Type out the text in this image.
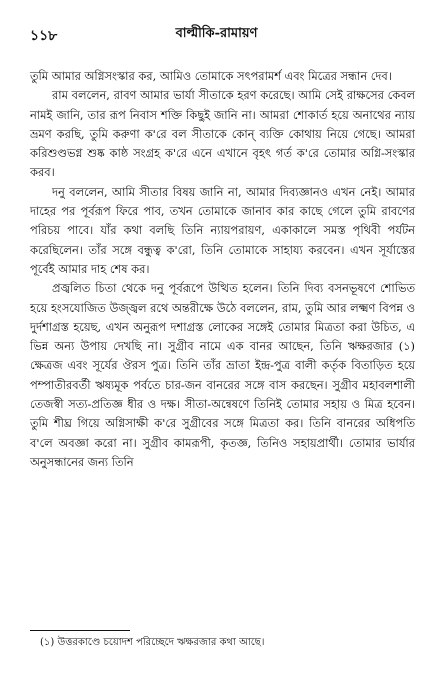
১১৮	বাল্মীকি-রামায়ণ

তুমি আমার অগ্নিসংস্কার কর, আমিও তোমাকে সৎপরামর্শ এবং মিত্রের সন্ধান দেব।

রাম বললেন, রাবণ আমার ভার্যা সীতাকে হরণ করেছে। আমি সেই রাক্ষসের কেবল নামই জানি, তার রূপ নিবাস শক্তি কিছুই জানি না। আমরা শোকার্ত হয়ে অনাথের ন্যায় ভ্রমণ করছি, তুমি করুণা ক'রে বল সীতাকে কোন্ ব্যক্তি কোথায় নিয়ে গেছে। আমরা করিশুণ্ডভগ্ন শুষ্ক কাষ্ঠ সংগ্রহ ক'রে এনে এখানে বৃহৎ গর্ত ক'রে তোমার অগ্নি-সংস্কার করব।

দনু বললেন, আমি সীতার বিষয় জানি না, আমার দিব্যজ্ঞানও এখন নেই। আমার দাহের পর পূর্বরূপ ফিরে পাব, তখন তোমাকে জানাব কার কাছে গেলে তুমি রাবণের পরিচয় পাবে। যাঁর কথা বলছি তিনি ন্যায়পরায়ণ, একাকালে সমস্ত পৃথিবী পর্যটন করেছিলেন। তাঁর সঙ্গে বন্ধুত্ব ক'রো, তিনি তোমাকে সাহায্য করবেন। এখন সূর্যাস্তের পূর্বেই আমার দাহ শেষ কর।

প্রজ্বলিত চিতা থেকে দনু পূর্বরূপে উত্থিত হলেন। তিনি দিব্য বসনভূষণে শোভিত হয়ে হংসযোজিত উজ্জ্বল রথে অন্তরীক্ষে উঠে বললেন, রাম, তুমি আর লক্ষ্মণ বিপন্ন ও দুর্দশাগ্রস্ত হয়েছ, এখন অনুরূপ দশাগ্রস্ত লোকের সঙ্গেই তোমার মিত্রতা করা উচিত, এ ভিন্ন অন্য উপায় দেখছি না। সুগ্রীব নামে এক বানর আছেন, তিনি ঋক্ষরজার (১) ক্ষেত্রজ এবং সূর্যের ঔরস পুত্র। তিনি তাঁর ভ্রাতা ইন্দ্র-পুত্র বালী কর্তৃক বিতাড়িত হয়ে পম্পাতীরবর্তী ঋষ্যমূক পর্বতে চার-জন বানরের সঙ্গে বাস করছেন। সুগ্রীব মহাবলশালী তেজস্বী সত্য-প্রতিজ্ঞ ধীর ও দক্ষ। সীতা-অন্বেষণে তিনিই তোমার সহায় ও মিত্র হবেন। তুমি শীঘ্র গিয়ে অগ্নিসাক্ষী ক'রে সুগ্রীবের সঙ্গে মিত্রতা কর। তিনি বানরের অধিপতি ব'লে অবজ্ঞা করো না। সুগ্রীব কামরূপী, কৃতজ্ঞ, তিনিও সহায়প্রার্থী। তোমার ভার্যার অনুসন্ধানের জন্য তিনি

(১) উত্তরকাণ্ডে চয়োদশ পরিচ্ছেদে ঋক্ষরজার কথা আছে।
